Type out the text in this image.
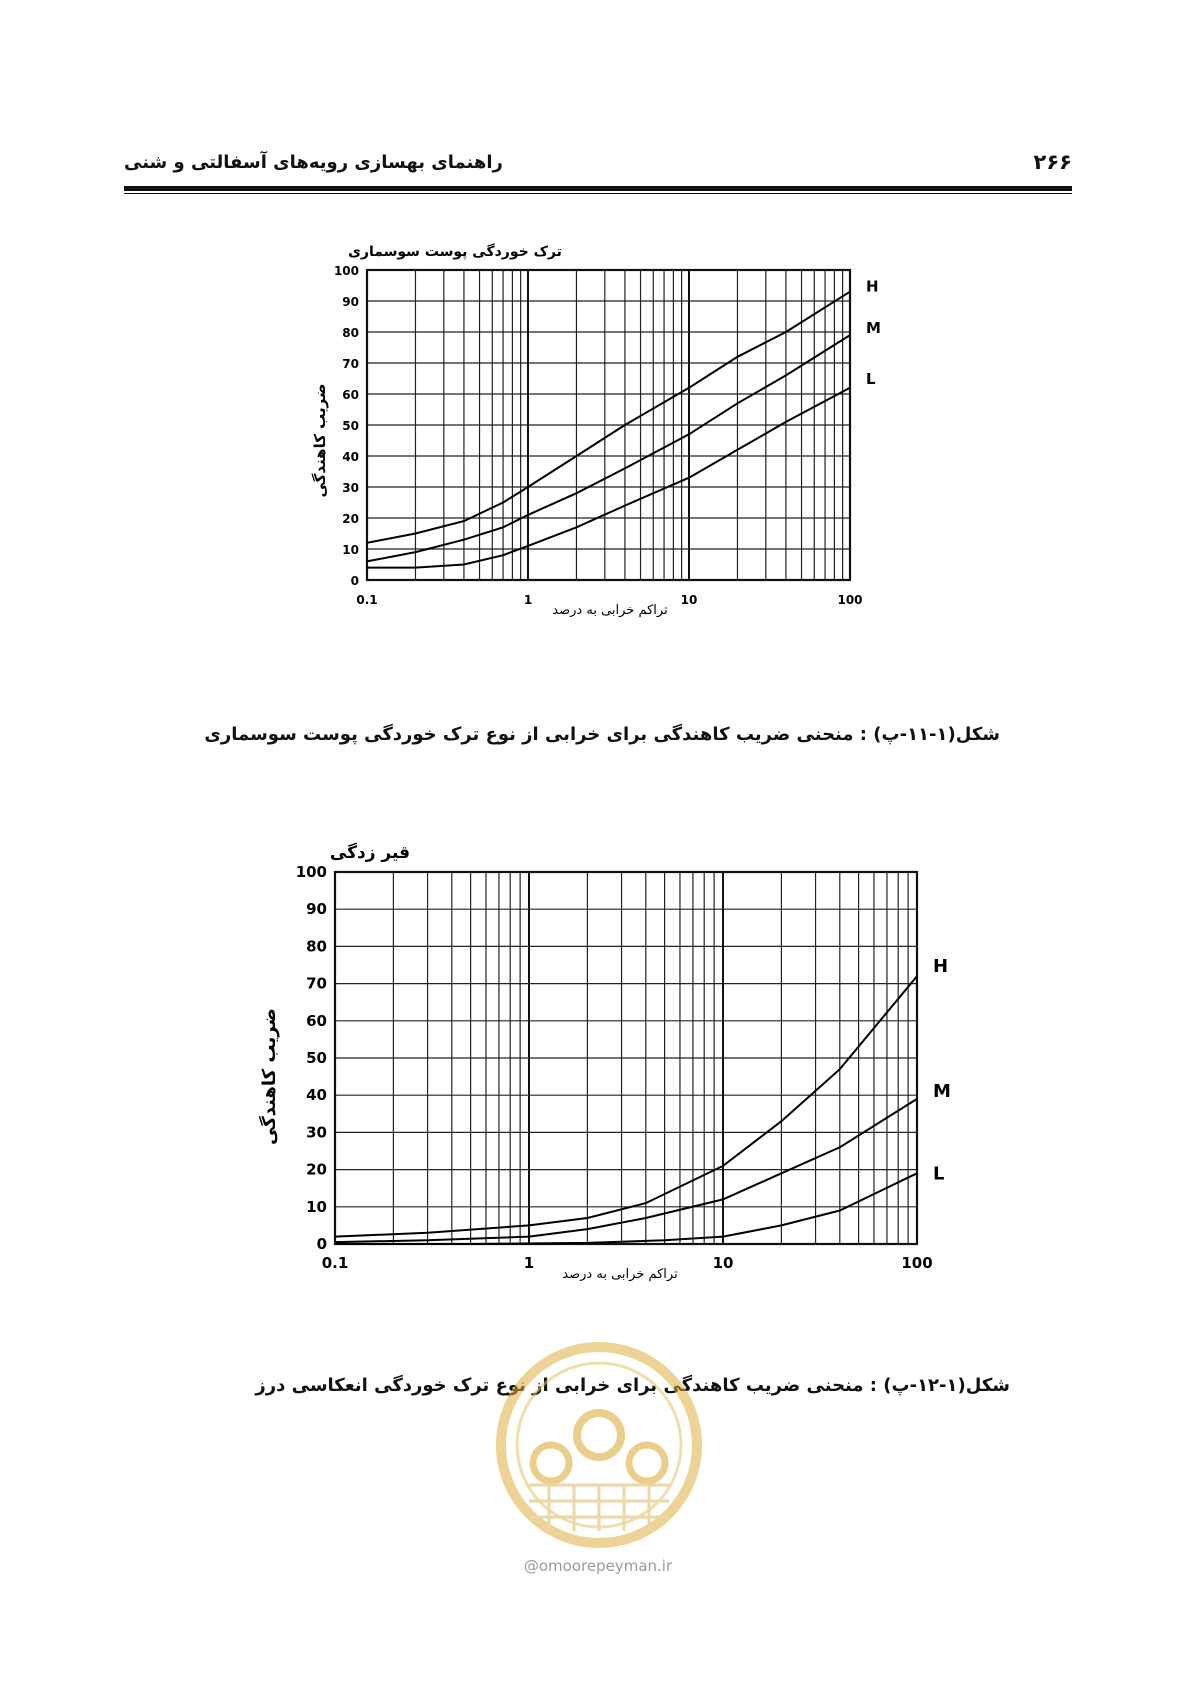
۲۶۶
راهنمای بهسازی رویه‌های آسفالتی و شنی
0
10
20
30
40
50
60
70
80
90
100
0.1	1	10	100
تراکم خرابی به درصد
ضریب کاهندگی
ترک خوردگی پوست سوسماری
H
M
L
شکل(۱-۱۱-پ) : منحنی ضریب کاهندگی برای خرابی از نوع ترک خوردگی پوست سوسماری
0
10
20
30
40
50
60
70
80
90
100
0.1	1	10	100
تراکم خرابی به درصد
ضریب کاهندگی
قیر زدگی
H
M
L
شکل(۱-۱۲-پ) : منحنی ضریب کاهندگی برای خرابی از نوع ترک خوردگی انعکاسی درز
@omoorepeyman.ir
